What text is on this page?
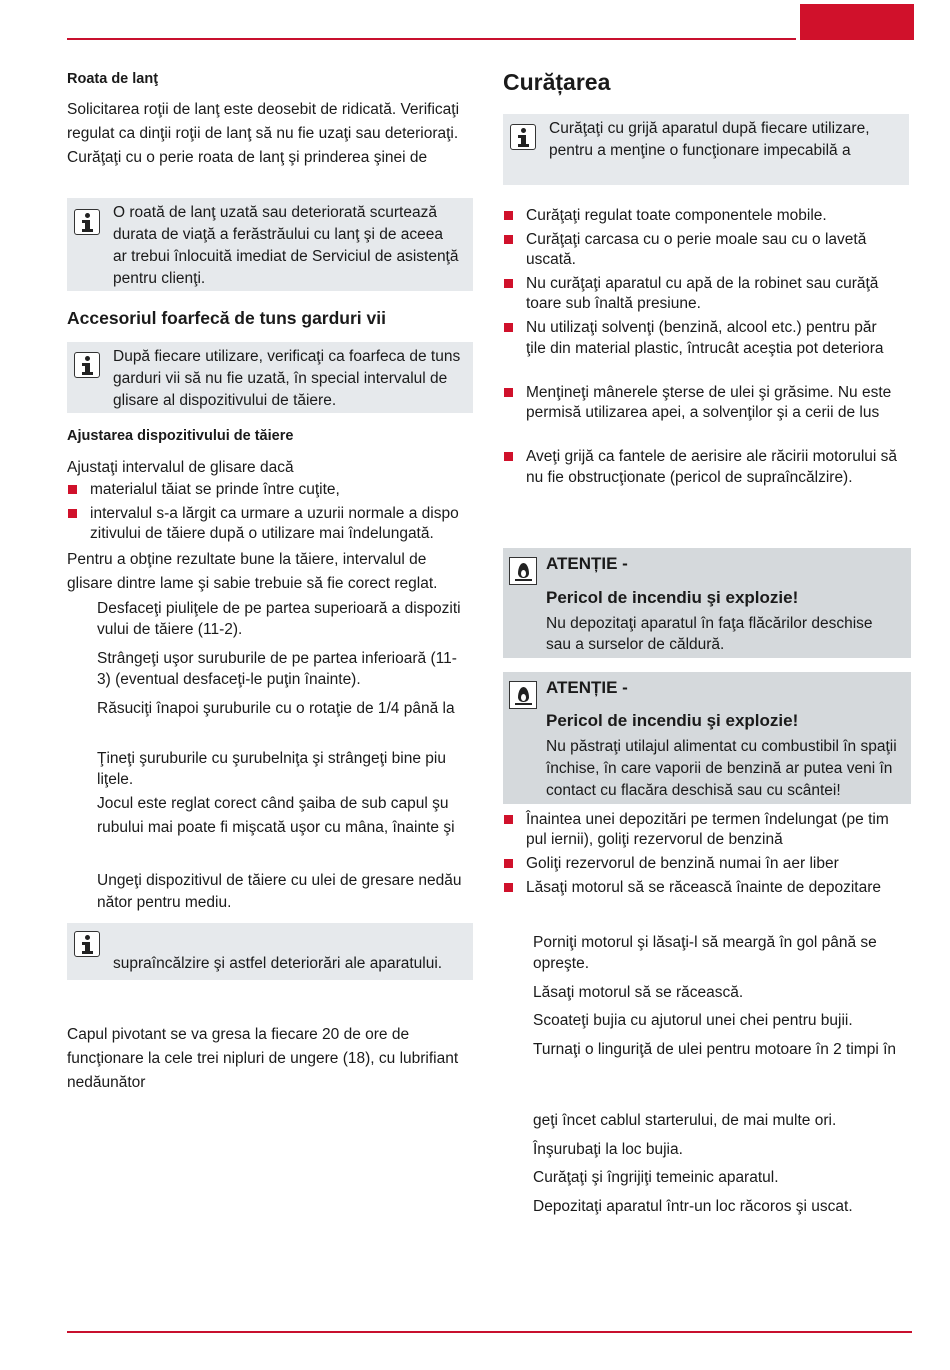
Roata de lanţ
Solicitarea roţii de lanţ este deosebit de ridicată. Verificaţi
regulat ca dinţii roţii de lanţ să nu fie uzaţi sau deterioraţi.
Curăţaţi cu o perie roata de lanţ şi prinderea şinei de
O roată de lanţ uzată sau deteriorată scurtează
durata de viaţă a ferăstrăului cu lanţ şi de aceea
ar trebui înlocuită imediat de Serviciul de asistenţă
pentru clienţi.
Accesoriul foarfecă de tuns garduri vii
După fiecare utilizare, verificaţi ca foarfeca de tuns
garduri vii să nu fie uzată, în special intervalul de
glisare al dispozitivului de tăiere.
Ajustarea dispozitivului de tăiere
Ajustaţi intervalul de glisare dacă
materialul tăiat se prinde între cuţite,
intervalul s-a lărgit ca urmare a uzurii normale a dispo
zitivului de tăiere după o utilizare mai îndelungată.
Pentru a obţine rezultate bune la tăiere, intervalul de
glisare dintre lame şi sabie trebuie să fie corect reglat.
Desfaceţi piuliţele de pe partea superioară a dispoziti
vului de tăiere (11-2).
Strângeţi uşor suruburile de pe partea inferioară (11-
3) (eventual desfaceţi-le puţin înainte).
Răsuciţi înapoi şuruburile cu o rotaţie de 1/4 până la
Ţineţi şuruburile cu şurubelniţa şi strângeţi bine piu
liţele.
Jocul este reglat corect când şaiba de sub capul şu
rubului mai poate fi mişcată uşor cu mâna, înainte şi
Ungeţi dispozitivul de tăiere cu ulei de gresare nedău
nător pentru mediu.
supraîncălzire şi astfel deteriorări ale aparatului.
Capul pivotant se va gresa la fiecare 20 de ore de
funcţionare la cele trei nipluri de ungere (18), cu lubrifiant
nedăunător
Curățarea
Curăţaţi cu grijă aparatul după fiecare utilizare,
pentru a menţine o funcţionare impecabilă a
Curăţaţi regulat toate componentele mobile.
Curăţaţi carcasa cu o perie moale sau cu o lavetă
uscată.
Nu curăţaţi aparatul cu apă de la robinet sau curăţă
toare sub înaltă presiune.
Nu utilizaţi solvenţi (benzină, alcool etc.) pentru păr
ţile din material plastic, întrucât aceştia pot deteriora
Menţineţi mânerele şterse de ulei şi grăsime. Nu este
permisă utilizarea apei, a solvenţilor şi a cerii de lus
Aveţi grijă ca fantele de aerisire ale răcirii motorului să
nu fie obstrucţionate (pericol de supraîncălzire).
ATENȚIE -
Pericol de incendiu şi explozie!
Nu depozitaţi aparatul în faţa flăcărilor deschise
sau a surselor de căldură.
ATENȚIE -
Pericol de incendiu şi explozie!
Nu păstraţi utilajul alimentat cu combustibil în spaţii
închise, în care vaporii de benzină ar putea veni în
contact cu flacăra deschisă sau cu scântei!
Înaintea unei depozitări pe termen îndelungat (pe tim
pul iernii), goliţi rezervorul de benzină
Goliţi rezervorul de benzină numai în aer liber
Lăsaţi motorul să se răcească înainte de depozitare
Porniţi motorul şi lăsaţi-l să meargă în gol până se
opreşte.
Lăsaţi motorul să se răcească.
Scoateţi bujia cu ajutorul unei chei pentru bujii.
Turnaţi o linguriţă de ulei pentru motoare în 2 timpi în
geţi încet cablul starterului, de mai multe ori.
Înşurubaţi la loc bujia.
Curăţaţi şi îngrijiţi temeinic aparatul.
Depozitaţi aparatul într-un loc răcoros şi uscat.
